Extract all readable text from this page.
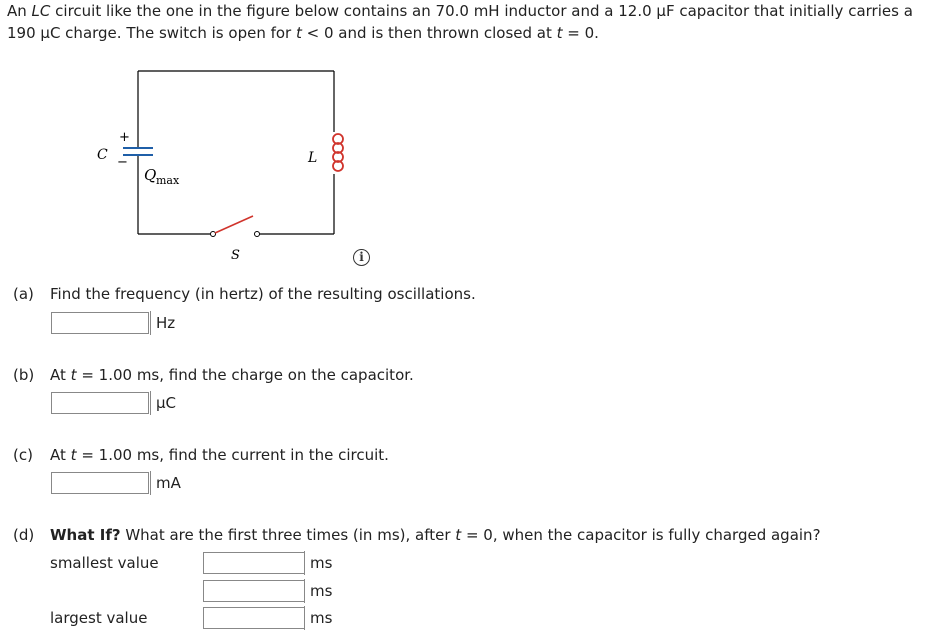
An LC circuit like the one in the figure below contains an 70.0 mH inductor and a 12.0 μF capacitor that initially carries a 190 μC charge. The switch is open for t < 0 and is then thrown closed at t = 0.
C
+
−
Q max
L
S	i
(a) Find the frequency (in hertz) of the resulting oscillations.
Hz
(b) At t = 1.00 ms, find the charge on the capacitor.
μC
(c) At t = 1.00 ms, find the current in the circuit.
mA
(d) What If? What are the first three times (in ms), after t = 0, when the capacitor is fully charged again?
smallest value	ms
ms
largest value	ms
